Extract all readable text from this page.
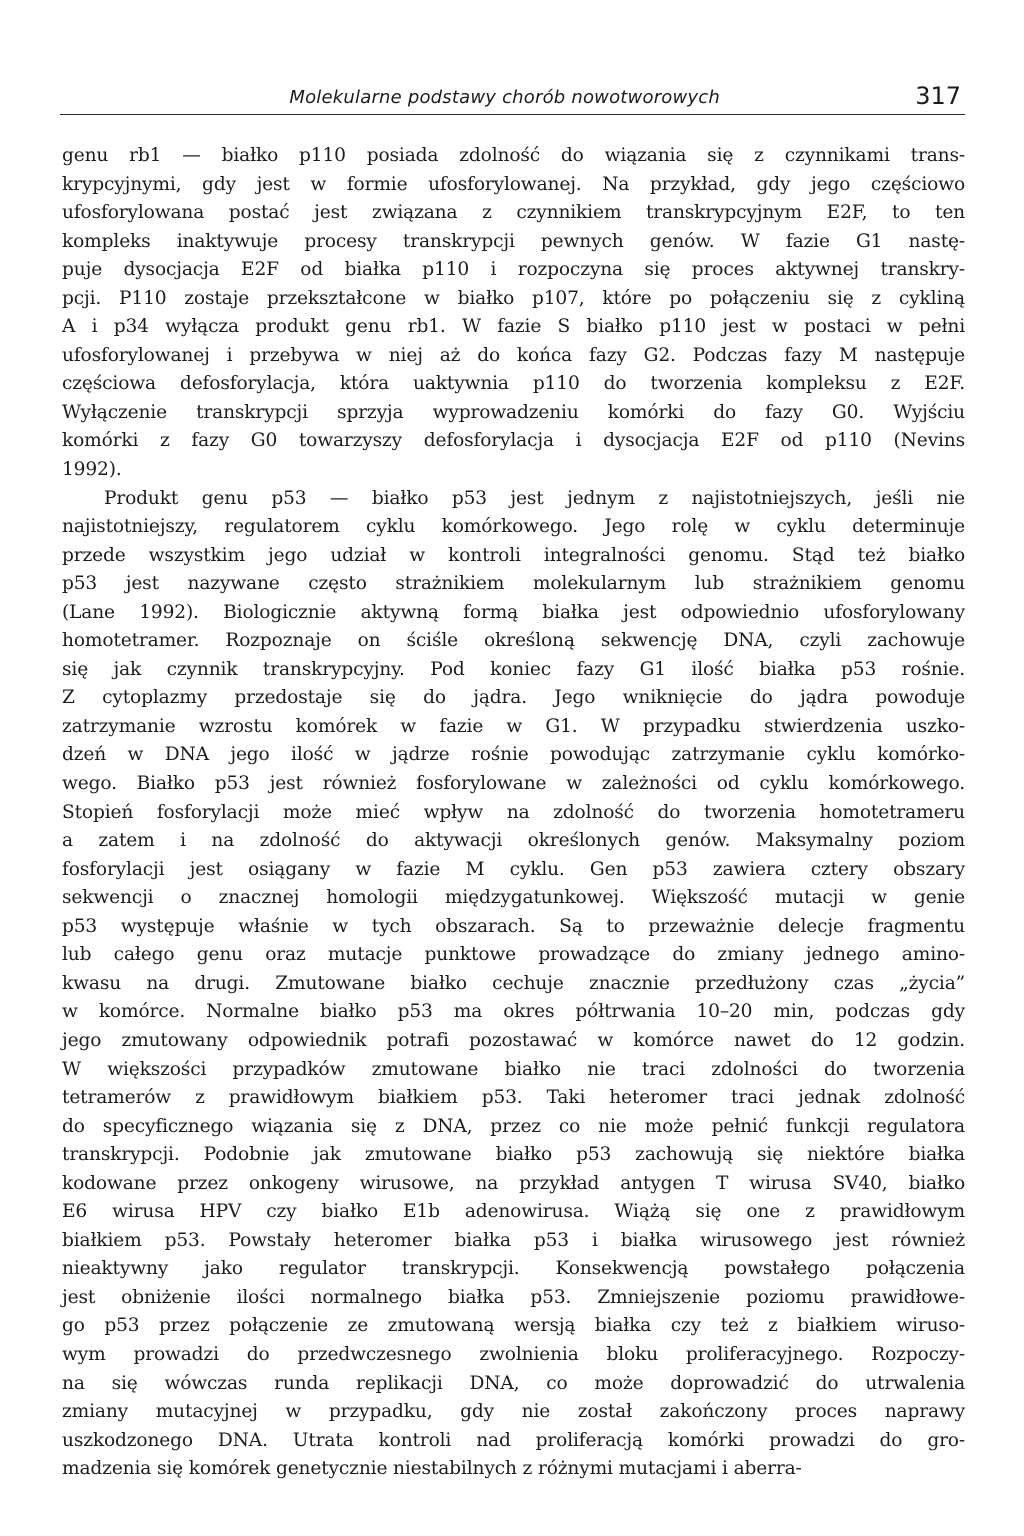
Molekularne podstawy chorób nowotworowych	317
genu rb1 — białko p110 posiada zdolność do wiązania się z czynnikami trans-
krypcyjnymi, gdy jest w formie ufosforylowanej. Na przykład, gdy jego częściowo
ufosforylowana postać jest związana z czynnikiem transkrypcyjnym E2F, to ten
kompleks inaktywuje procesy transkrypcji pewnych genów. W fazie G1 nastę-
puje dysocjacja E2F od białka p110 i rozpoczyna się proces aktywnej transkry-
pcji. P110 zostaje przekształcone w białko p107, które po połączeniu się z cykliną
A i p34 wyłącza produkt genu rb1. W fazie S białko p110 jest w postaci w pełni
ufosforylowanej i przebywa w niej aż do końca fazy G2. Podczas fazy M następuje
częściowa defosforylacja, która uaktywnia p110 do tworzenia kompleksu z E2F.
Wyłączenie transkrypcji sprzyja wyprowadzeniu komórki do fazy G0. Wyjściu
komórki z fazy G0 towarzyszy defosforylacja i dysocjacja E2F od p110 (Nevins
1992).
Produkt genu p53 — białko p53 jest jednym z najistotniejszych, jeśli nie
najistotniejszy, regulatorem cyklu komórkowego. Jego rolę w cyklu determinuje
przede wszystkim jego udział w kontroli integralności genomu. Stąd też białko
p53 jest nazywane często strażnikiem molekularnym lub strażnikiem genomu
(Lane 1992). Biologicznie aktywną formą białka jest odpowiednio ufosforylowany
homotetramer. Rozpoznaje on ściśle określoną sekwencję DNA, czyli zachowuje
się jak czynnik transkrypcyjny. Pod koniec fazy G1 ilość białka p53 rośnie.
Z cytoplazmy przedostaje się do jądra. Jego wniknięcie do jądra powoduje
zatrzymanie wzrostu komórek w fazie w G1. W przypadku stwierdzenia uszko-
dzeń w DNA jego ilość w jądrze rośnie powodując zatrzymanie cyklu komórko-
wego. Białko p53 jest również fosforylowane w zależności od cyklu komórkowego.
Stopień fosforylacji może mieć wpływ na zdolność do tworzenia homotetrameru
a zatem i na zdolność do aktywacji określonych genów. Maksymalny poziom
fosforylacji jest osiągany w fazie M cyklu. Gen p53 zawiera cztery obszary
sekwencji o znacznej homologii międzygatunkowej. Większość mutacji w genie
p53 występuje właśnie w tych obszarach. Są to przeważnie delecje fragmentu
lub całego genu oraz mutacje punktowe prowadzące do zmiany jednego amino-
kwasu na drugi. Zmutowane białko cechuje znacznie przedłużony czas „życia”
w komórce. Normalne białko p53 ma okres półtrwania 10–20 min, podczas gdy
jego zmutowany odpowiednik potrafi pozostawać w komórce nawet do 12 godzin.
W większości przypadków zmutowane białko nie traci zdolności do tworzenia
tetramerów z prawidłowym białkiem p53. Taki heteromer traci jednak zdolność
do specyficznego wiązania się z DNA, przez co nie może pełnić funkcji regulatora
transkrypcji. Podobnie jak zmutowane białko p53 zachowują się niektóre białka
kodowane przez onkogeny wirusowe, na przykład antygen T wirusa SV40, białko
E6 wirusa HPV czy białko E1b adenowirusa. Wiążą się one z prawidłowym
białkiem p53. Powstały heteromer białka p53 i białka wirusowego jest również
nieaktywny jako regulator transkrypcji. Konsekwencją powstałego połączenia
jest obniżenie ilości normalnego białka p53. Zmniejszenie poziomu prawidłowe-
go p53 przez połączenie ze zmutowaną wersją białka czy też z białkiem wiruso-
wym prowadzi do przedwczesnego zwolnienia bloku proliferacyjnego. Rozpoczy-
na się wówczas runda replikacji DNA, co może doprowadzić do utrwalenia
zmiany mutacyjnej w przypadku, gdy nie został zakończony proces naprawy
uszkodzonego DNA. Utrata kontroli nad proliferacją komórki prowadzi do gro-
madzenia się komórek genetycznie niestabilnych z różnymi mutacjami i aberra-
